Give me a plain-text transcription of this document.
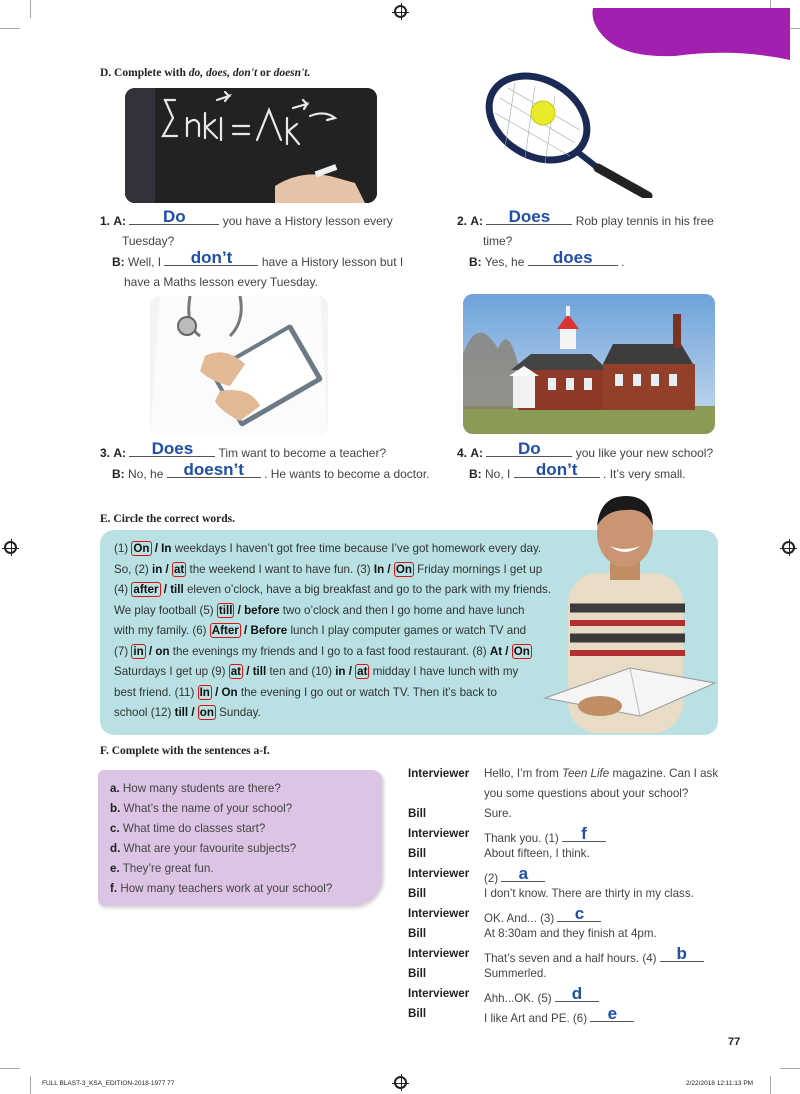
D. Complete with do, does, don't or doesn't.
1. A:	Do	you have a History lesson every
Tuesday?
B: Well, I	don’t	have a History lesson but I
have a Maths lesson every Tuesday.
2. A:	Does	Rob play tennis in his free
time?
B: Yes, he	does	.
3. A:	Does	Tim want to become a teacher?
B: No, he	doesn’t	. He wants to become a doctor.
4. A:	Do	you like your new school?
B: No, I	don’t	. It’s very small.
E. Circle the correct words.
(1) On / In weekdays I haven’t got free time because I’ve got homework every day.
So, (2) in / at the weekend I want to have fun. (3) In / On Friday mornings I get up
(4) after / till eleven o’clock, have a big breakfast and go to the park with my friends.
We play football (5) till / before two o’clock and then I go home and have lunch
with my family. (6) After / Before lunch I play computer games or watch TV and
(7) in / on the evenings my friends and I go to a fast food restaurant. (8) At / On
Saturdays I get up (9) at / till ten and (10) in / at midday I have lunch with my
best friend. (11) In / On the evening I go out or watch TV. Then it’s back to
school (12) till / on Sunday.
F. Complete with the sentences a-f.
a. How many students are there?
b. What’s the name of your school?
c. What time do classes start?
d. What are your favourite subjects?
e. They’re great fun.
f. How many teachers work at your school?
Interviewer Hello, I’m from Teen Life magazine. Can I ask
you some questions about your school?
Bill	Sure.
Interviewer Thank you. (1)	f
Bill	About fifteen, I think.
Interviewer (2)	a
Bill	I don’t know. There are thirty in my class.
Interviewer OK. And... (3)	c
Bill	At 8:30am and they finish at 4pm.
Interviewer That’s seven and a half hours. (4)	b
Bill	Summerled.
Interviewer Ahh...OK. (5)	d
Bill	I like Art and PE. (6)	e
77
FULL BLAST-3_KSA_EDITION-2018-1977 77	2/22/2018 12:11:13 PM
